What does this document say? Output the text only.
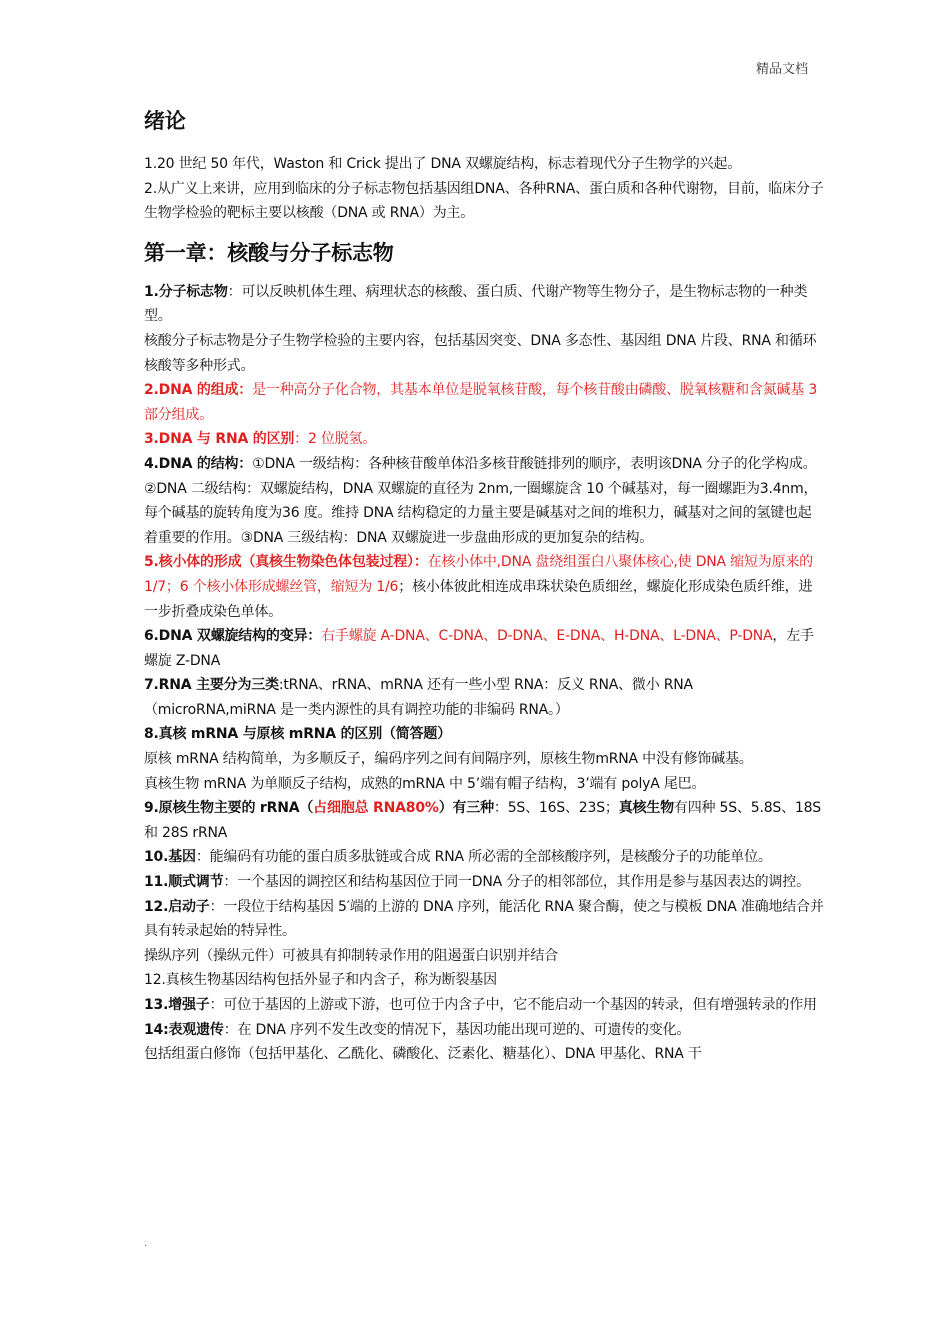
精品文档
绪论

1.20 世纪 50 年代，Waston 和 Crick 提出了 DNA 双螺旋结构，标志着现代分子生物学的兴起。

2.从广义上来讲，应用到临床的分子标志物包括基因组DNA、各种RNA、蛋白质和各种代谢物，目前，临床分子生物学检验的靶标主要以核酸（DNA 或 RNA）为主。

第一章：核酸与分子标志物

1.分子标志物：可以反映机体生理、病理状态的核酸、蛋白质、代谢产物等生物分子，是生物标志物的一种类型。

核酸分子标志物是分子生物学检验的主要内容，包括基因突变、DNA 多态性、基因组 DNA 片段、RNA 和循环核酸等多种形式。

2.DNA 的组成：是一种高分子化合物，其基本单位是脱氧核苷酸，每个核苷酸由磷酸、脱氧核糖和含氮碱基 3 部分组成。

3.DNA 与 RNA 的区别：2 位脱氢。

4.DNA 的结构：①DNA 一级结构：各种核苷酸单体沿多核苷酸链排列的顺序，表明该DNA 分子的化学构成。②DNA 二级结构：双螺旋结构，DNA 双螺旋的直径为 2nm,一圈螺旋含 10 个碱基对，每一圈螺距为3.4nm，每个碱基的旋转角度为36 度。维持 DNA 结构稳定的力量主要是碱基对之间的堆积力，碱基对之间的氢键也起着重要的作用。③DNA 三级结构：DNA 双螺旋进一步盘曲形成的更加复杂的结构。

5.核小体的形成（真核生物染色体包装过程）：在核小体中,DNA 盘绕组蛋白八聚体核心,使 DNA 缩短为原来的 1/7；6 个核小体形成螺丝管，缩短为 1/6；核小体彼此相连成串珠状染色质细丝，螺旋化形成染色质纤维，进一步折叠成染色单体。

6.DNA 双螺旋结构的变异：右手螺旋 A-DNA、C-DNA、D-DNA、E-DNA、H-DNA、L-DNA、P-DNA，左手螺旋 Z-DNA

7.RNA 主要分为三类:tRNA、rRNA、mRNA 还有一些小型 RNA：反义 RNA、微小 RNA（microRNA,miRNA 是一类内源性的具有调控功能的非编码 RNA。）

8.真核 mRNA 与原核 mRNA 的区别（简答题）

原核 mRNA 结构简单，为多顺反子，编码序列之间有间隔序列，原核生物mRNA 中没有修饰碱基。

真核生物 mRNA 为单顺反子结构，成熟的mRNA 中 5’端有帽子结构，3’端有 polyA 尾巴。

9.原核生物主要的 rRNA（占细胞总 RNA80%）有三种：5S、16S、23S；真核生物有四种 5S、5.8S、18S 和 28S rRNA

10.基因：能编码有功能的蛋白质多肽链或合成 RNA 所必需的全部核酸序列，是核酸分子的功能单位。

11.顺式调节：一个基因的调控区和结构基因位于同一DNA 分子的相邻部位，其作用是参与基因表达的调控。

12.启动子：一段位于结构基因 5′端的上游的 DNA 序列，能活化 RNA 聚合酶，使之与模板 DNA 准确地结合并具有转录起始的特异性。

操纵序列（操纵元件）可被具有抑制转录作用的阻遏蛋白识别并结合

12.真核生物基因结构包括外显子和内含子，称为断裂基因

13.增强子：可位于基因的上游或下游，也可位于内含子中，它不能启动一个基因的转录，但有增强转录的作用

14:表观遗传：在 DNA 序列不发生改变的情况下，基因功能出现可逆的、可遗传的变化。

包括组蛋白修饰（包括甲基化、乙酰化、磷酸化、泛素化、糖基化）、DNA 甲基化、RNA 干

.
